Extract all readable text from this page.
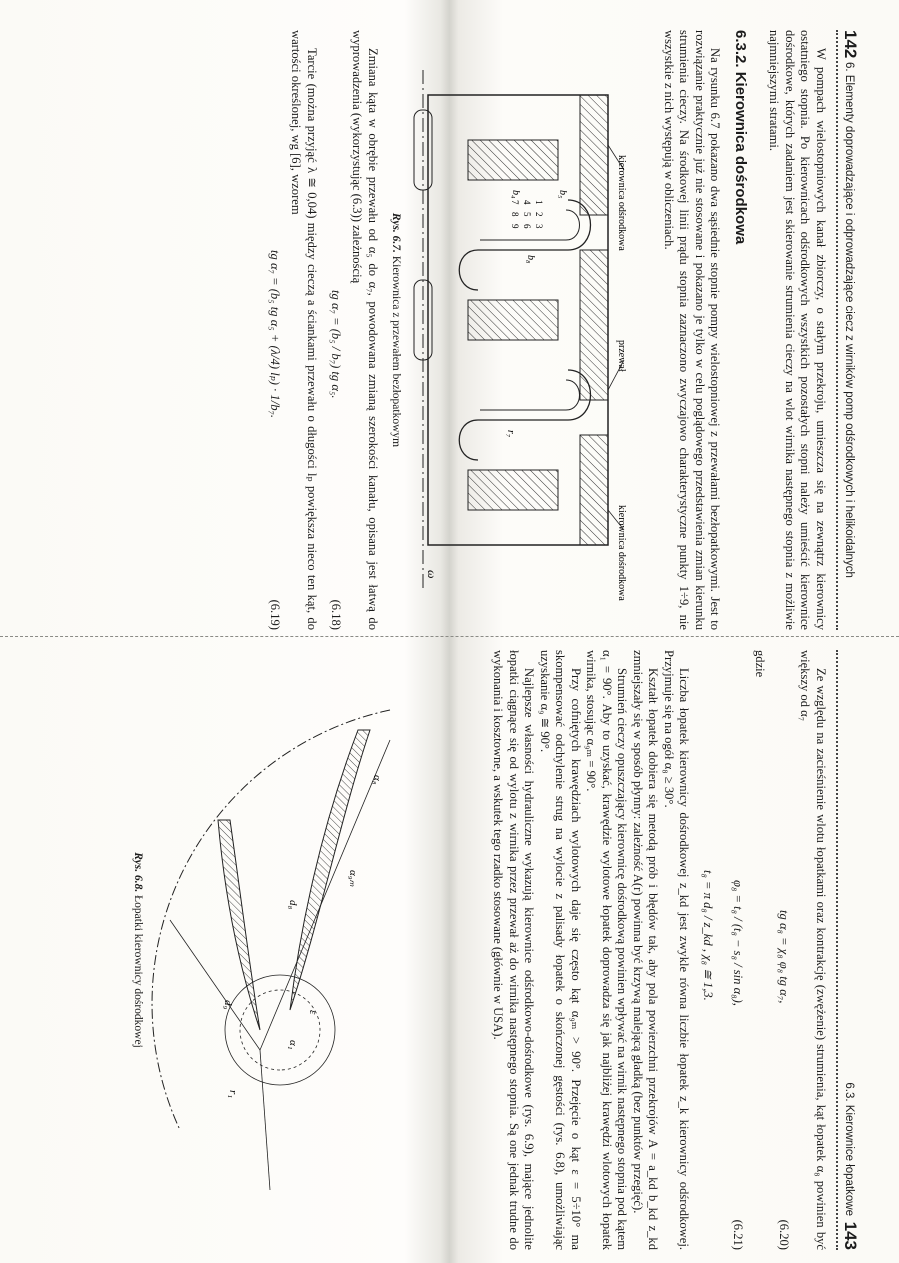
142
6. Elementy doprowadzające i odprowadzające ciecz z wirników pomp odśrodkowych i helikoidalnych

W pompach wielostopniowych kanał zbiorczy, o stałym przekroju, umieszcza się na zewnątrz kierownicy ostatniego stopnia. Po kierownicach odśrodkowych wszystkich pozostałych stopni należy umieścić kierownice dośrodkowe, których zadaniem jest skierowanie strumienia cieczy na wlot wirnika następnego stopnia z możliwie najmniejszymi stratami.

6.3.2. Kierownica dośrodkowa

Na rysunku 6.7 pokazano dwa sąsiednie stopnie pompy wielostopniowej z przewałami bezłopatkowymi. Jest to rozwiązanie praktycznie już nie stosowane i pokazano je tylko w celu poglądowego przedstawienia zmian kierunku strumienia cieczy. Na środkowej linii prądu stopnia zaznaczono zwyczajowo charakterystyczne punkty 1÷9, nie wszystkie z nich występują w obliczeniach.

kierownica odśrodkowa
przewał
kierownica dośrodkowa
ω
b₅
b₄
b₈
r₇
1
2
3
4
5
6
7
8
9
Rys. 6.7. Kierownica z przewałem bezłopatkowym

Zmiana kąta w obrębie przewału od α₅ do α₇, powodowana zmianą szerokości kanału, opisana jest łatwą do wyprowadzenia (wykorzystując (6.3)) zależnością

tg α₇ = (b₅ / b₇) tg α₅.
(6.18)

Tarcie (można przyjąć λ ≅ 0,04) między cieczą a ściankami przewału o długości lₚ powiększa nieco ten kąt, do wartości określonej, wg [6], wzorem

tg α₇ = (b₅ tg α₅ + (λ/4) lₚ) · 1/b₇.
(6.19)
6.3. Kierownice łopatkowe
143

Ze względu na zacieśnienie wlotu łopatkami oraz kontrakcję (zwężenie) strumienia, kąt łopatek α₈ powinien być większy od α₇

tg α₈ = χ₈ φ₈ tg α₇,
(6.20)
gdzie
φ₈ = t₈ / (t₈ − s₈ / sin α₈),
(6.21)
t₈ = π d₈ / z_kd , χ₈ ≅ 1,3.

Liczba łopatek kierownicy dośrodkowej z_kd jest zwykle równa liczbie łopatek z_k kierownicy odśrodkowej. Przyjmuje się na ogół α₈ ≥ 30°.

Kształt łopatek dobiera się metodą prób i błędów tak, aby pola powierzchni przekrojów A = a_kd b_kd z_kd zmniejszały się w sposób płynny: zależność A(r) powinna być krzywą malejącą gładką (bez punktów przegięć).

Strumień cieczy opuszczający kierownicę dośrodkową powinien wpływać na wirnik następnego stopnia pod kątem α₁ = 90°. Aby to uzyskać, krawędzie wylotowe łopatek doprowadza się jak najbliżej krawędzi wlotowych łopatek wirnika, stosując α₉ₘ = 90°.

Przy cofniętych krawędziach wylotowych daje się często kąt α₉ₘ > 90°. Przejęcie o kąt ε = 5÷10° ma skompensować odchylenie strug na wylocie z palisady łopatek o skończonej gęstości (rys. 6.8), umożliwiając uzyskanie α₉ ≅ 90°.

Najlepsze własności hydrauliczne wykazują kierownice odśrodkowo-dośrodkowe (rys. 6.9), mające jednolite łopatki ciągnące się od wylotu z wirnika przez przewał aż do wirnika następnego stopnia. Są one jednak trudne do wykonania i kosztowne, a wskutek tego rzadko stosowane (głównie w USA).

α₈
α₉ₘ
d₈
d₉
ε
α₁
r₁
Rys. 6.8. Łopatki kierownicy dośrodkowej
